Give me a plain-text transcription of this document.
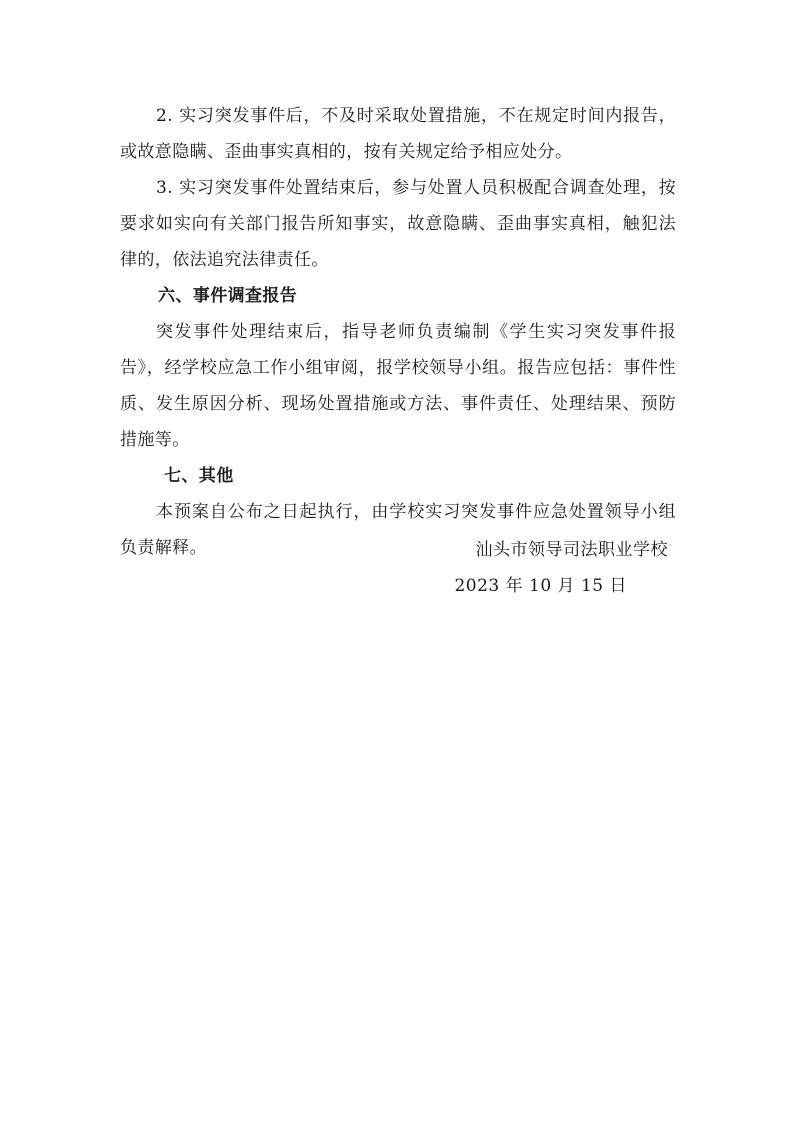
2. 实习突发事件后，不及时采取处置措施，不在规定时间内报告，或故意隐瞒、歪曲事实真相的，按有关规定给予相应处分。

3. 实习突发事件处置结束后，参与处置人员积极配合调查处理，按要求如实向有关部门报告所知事实，故意隐瞒、歪曲事实真相，触犯法律的，依法追究法律责任。

六、事件调查报告

突发事件处理结束后，指导老师负责编制《学生实习突发事件报告》，经学校应急工作小组审阅，报学校领导小组。报告应包括：事件性质、发生原因分析、现场处置措施或方法、事件责任、处理结果、预防措施等。

七、其他

本预案自公布之日起执行，由学校实习突发事件应急处置领导小组负责解释。	汕头市领导司法职业学校
2023 年 10 月 15 日
